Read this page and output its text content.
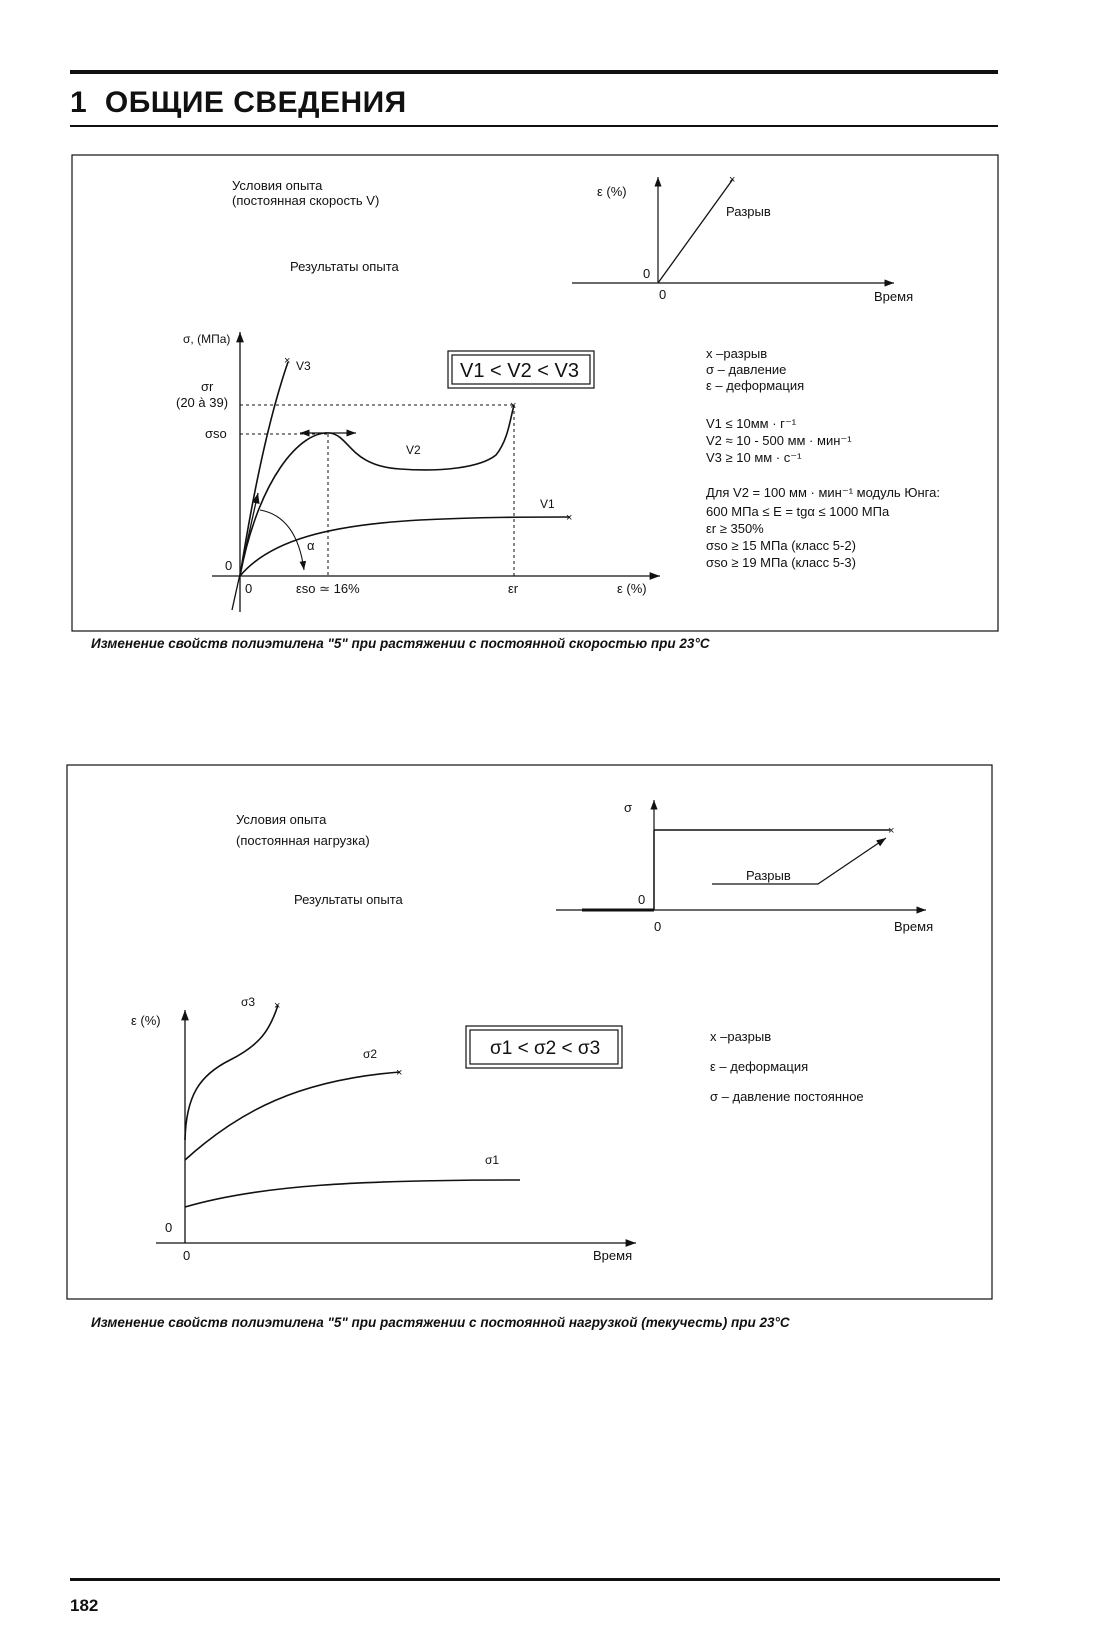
1 ОБЩИЕ СВЕДЕНИЯ
Условия опыта
(постоянная скорость V)
Результаты опыта
×
ε (%)
Разрыв
0
0	Время
σ, (МПа)
σr
(20 à 39)
σso
0
0	εso ≃ 16%	εr	ε (%)
×
×
×
α
V3
V2
V1
V1 < V2 < V3
x –разрыв
σ – давление
ε – деформация
V1 ≤ 10мм · г⁻¹
V2 ≈ 10 - 500 мм · мин⁻¹
V3 ≥ 10 мм · с⁻¹
Для V2 = 100 мм · мин⁻¹ модуль Юнга:
600 МПа ≤ E = tgα ≤ 1000 МПа
εr ≥ 350%
σso ≥ 15 МПа (класс 5-2)
σso ≥ 19 МПа (класс 5-3)
Изменение свойств полиэтилена "5" при растяжении с постоянной скоростью при 23°C
Условия опыта
(постоянная нагрузка)
Результаты опыта
×
σ
Разрыв
0
0	Время
ε (%)
0
0	Время
×
×
σ3
σ2
σ1
σ1 < σ2 < σ3
x –разрыв
ε – деформация
σ – давление постоянное
Изменение свойств полиэтилена "5" при растяжении с постоянной нагрузкой (текучесть) при 23°C
182
